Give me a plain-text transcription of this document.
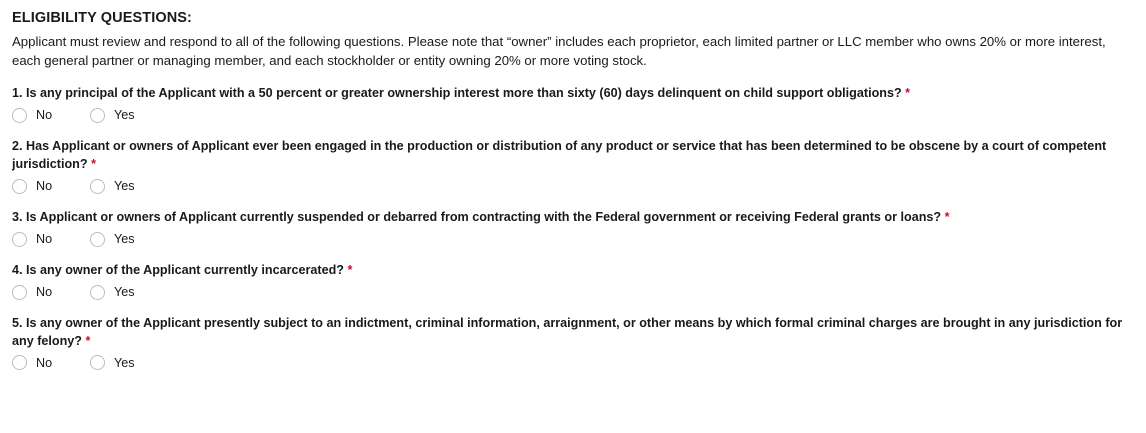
ELIGIBILITY QUESTIONS:
Applicant must review and respond to all of the following questions. Please note that “owner” includes each proprietor, each limited partner or LLC member who owns 20% or more interest, each general partner or managing member, and each stockholder or entity owning 20% or more voting stock.
1. Is any principal of the Applicant with a 50 percent or greater ownership interest more than sixty (60) days delinquent on child support obligations? *
No	Yes
2. Has Applicant or owners of Applicant ever been engaged in the production or distribution of any product or service that has been determined to be obscene by a court of competent jurisdiction? *
No	Yes
3. Is Applicant or owners of Applicant currently suspended or debarred from contracting with the Federal government or receiving Federal grants or loans? *
No	Yes
4. Is any owner of the Applicant currently incarcerated? *
No	Yes
5. Is any owner of the Applicant presently subject to an indictment, criminal information, arraignment, or other means by which formal criminal charges are brought in any jurisdiction for any felony? *
No	Yes
